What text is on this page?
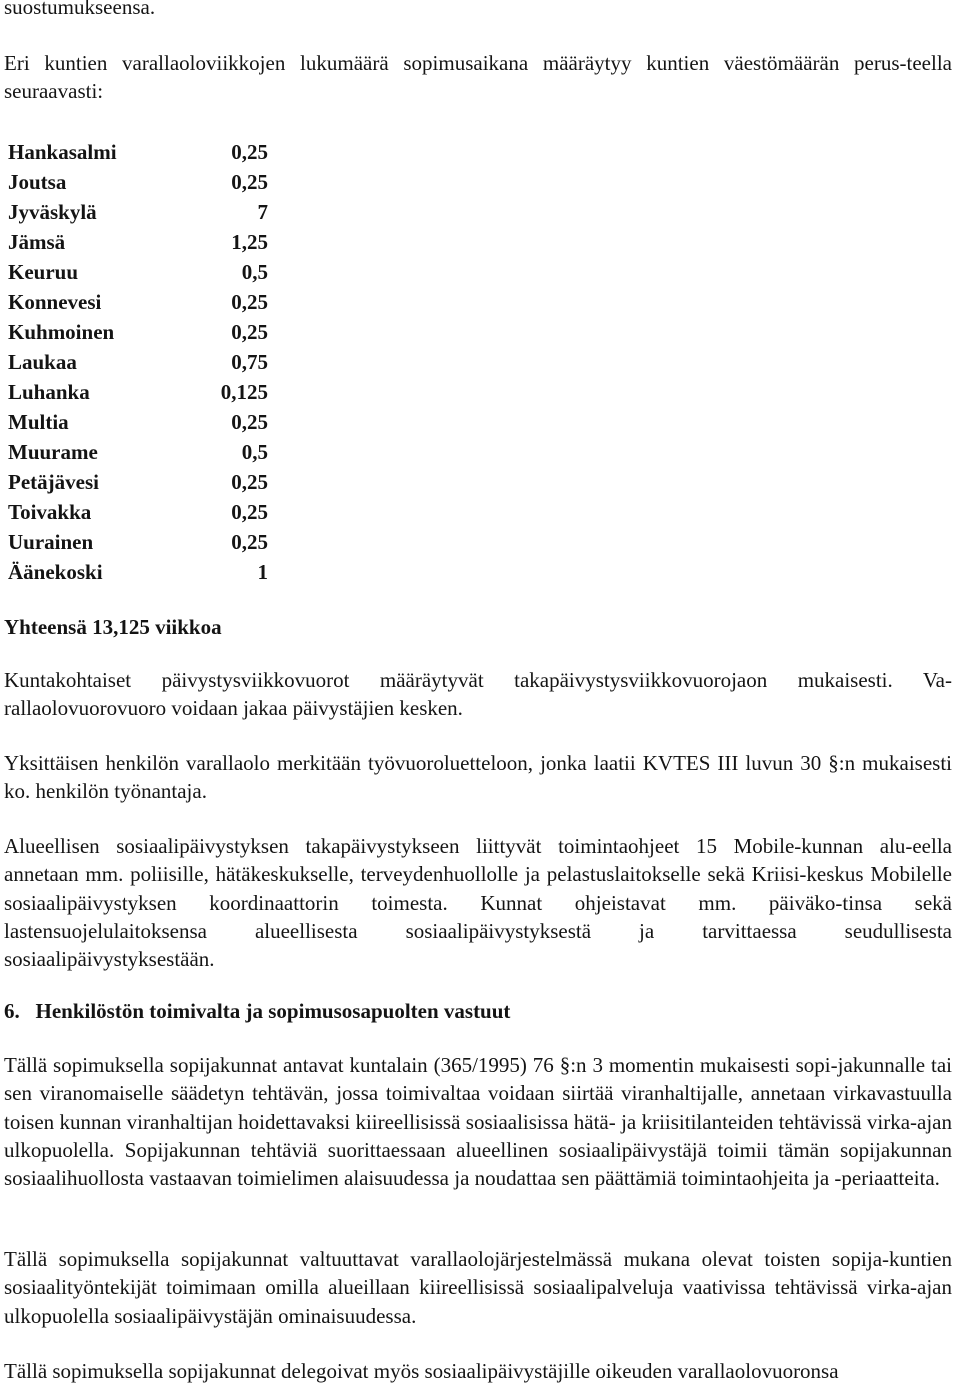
suostumukseensa.
Eri kuntien varallaoloviikkojen lukumäärä sopimusaikana määräytyy kuntien väestömäärän perus-teella seuraavasti:
Hankasalmi	0,25
Joutsa	0,25
Jyväskylä	7
Jämsä	1,25
Keuruu	0,5
Konnevesi	0,25
Kuhmoinen	0,25
Laukaa	0,75
Luhanka	0,125
Multia	0,25
Muurame	0,5
Petäjävesi	0,25
Toivakka	0,25
Uurainen	0,25
Äänekoski	1
Yhteensä 13,125 viikkoa
Kuntakohtaiset päivystysviikkovuorot määräytyvät takapäivystysviikkovuorojaon mukaisesti. Va-rallaolovuorovuoro voidaan jakaa päivystäjien kesken.
Yksittäisen henkilön varallaolo merkitään työvuoroluetteloon, jonka laatii KVTES III luvun 30 §:n mukaisesti ko. henkilön työnantaja.
Alueellisen sosiaalipäivystyksen takapäivystykseen liittyvät toimintaohjeet 15 Mobile-kunnan alu-eella annetaan mm. poliisille, hätäkeskukselle, terveydenhuollolle ja pelastuslaitokselle sekä Kriisi-keskus Mobilelle sosiaalipäivystyksen koordinaattorin toimesta. Kunnat ohjeistavat mm. päiväko-tinsa sekä lastensuojelulaitoksensa alueellisesta sosiaalipäivystyksestä ja tarvittaessa seudullisesta sosiaalipäivystyksestään.
6. Henkilöstön toimivalta ja sopimusosapuolten vastuut
Tällä sopimuksella sopijakunnat antavat kuntalain (365/1995) 76 §:n 3 momentin mukaisesti sopi-jakunnalle tai sen viranomaiselle säädetyn tehtävän, jossa toimivaltaa voidaan siirtää viranhaltijalle, annetaan virkavastuulla toisen kunnan viranhaltijan hoidettavaksi kiireellisissä sosiaalisissa hätä- ja kriisitilanteiden tehtävissä virka-ajan ulkopuolella. Sopijakunnan tehtäviä suorittaessaan alueellinen sosiaalipäivystäjä toimii tämän sopijakunnan sosiaalihuollosta vastaavan toimielimen alaisuudessa ja noudattaa sen päättämiä toimintaohjeita ja -periaatteita.
Tällä sopimuksella sopijakunnat valtuuttavat varallaolojärjestelmässä mukana olevat toisten sopija-kuntien sosiaalityöntekijät toimimaan omilla alueillaan kiireellisissä sosiaalipalveluja vaativissa tehtävissä virka-ajan ulkopuolella sosiaalipäivystäjän ominaisuudessa.
Tällä sopimuksella sopijakunnat delegoivat myös sosiaalipäivystäjille oikeuden varallaolovuoronsa
